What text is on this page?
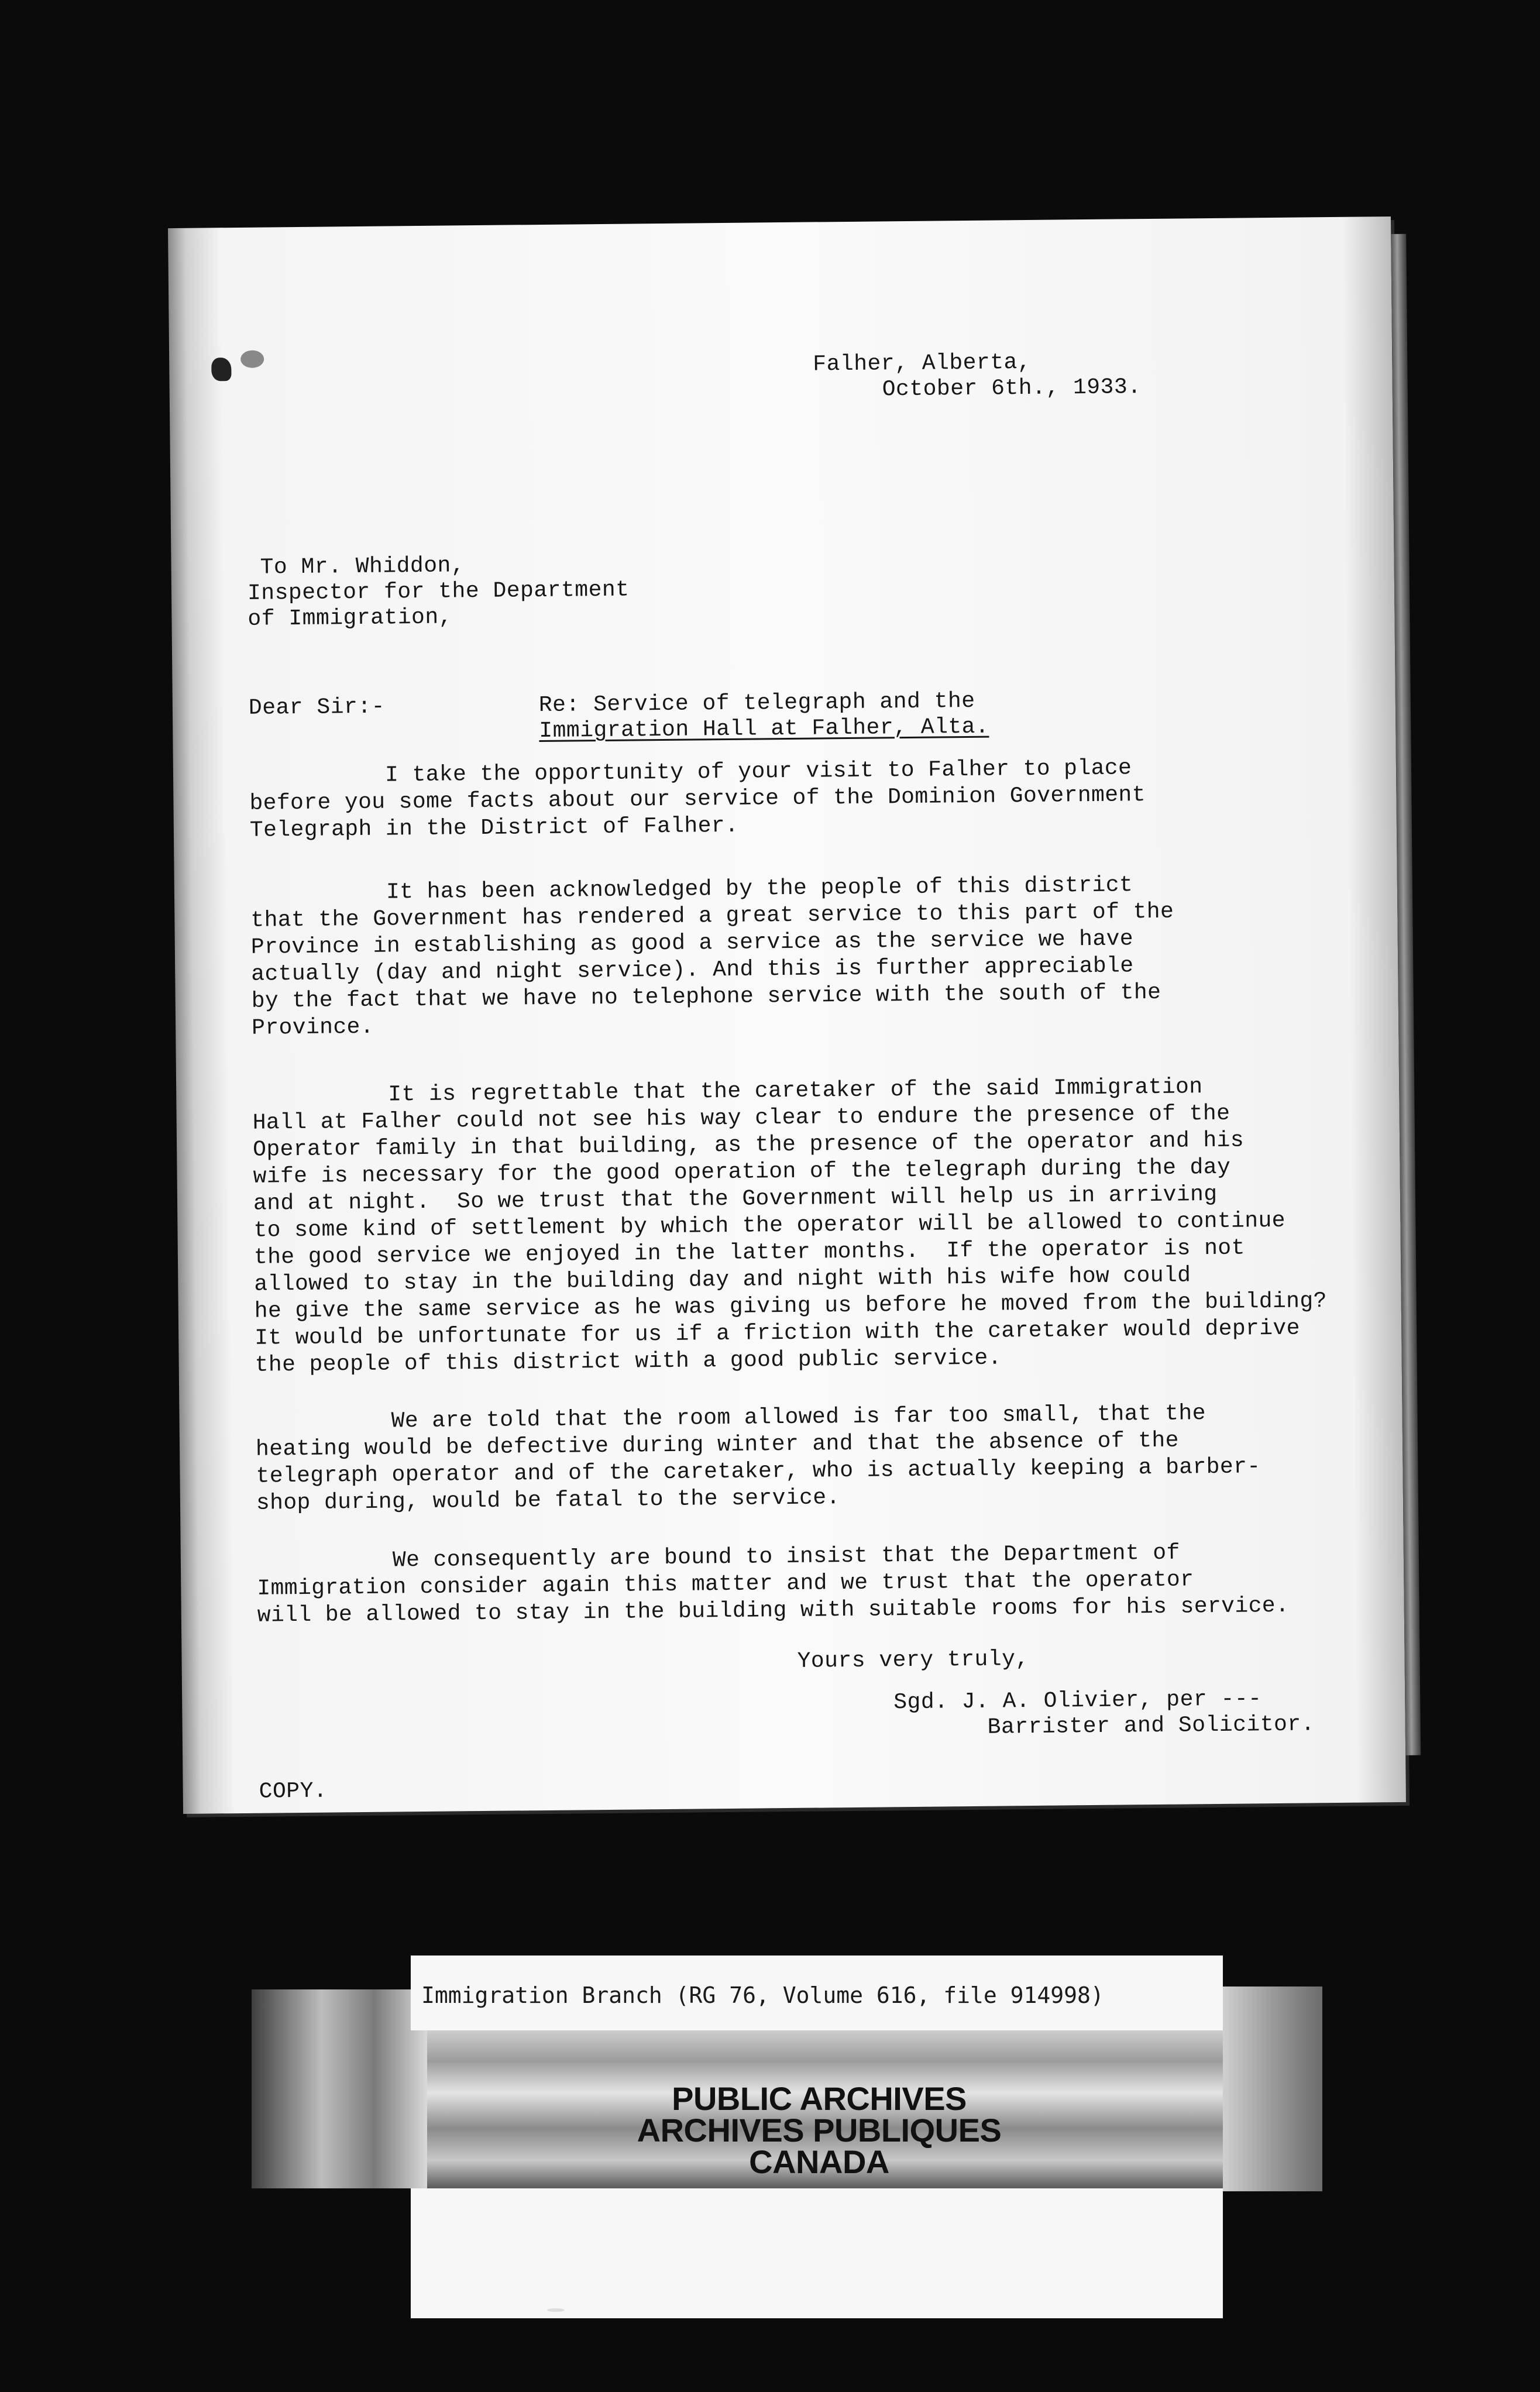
Falher, Alberta,
October 6th., 1933.
To Mr. Whiddon,
Inspector for the Department
of Immigration,
Dear Sir:-	Re: Service of telegraph and the
Immigration Hall at Falher, Alta.
I take the opportunity of your visit to Falher to place
before you some facts about our service of the Dominion Government
Telegraph in the District of Falher.
It has been acknowledged by the people of this district
that the Government has rendered a great service to this part of the
Province in establishing as good a service as the service we have
actually (day and night service). And this is further appreciable
by the fact that we have no telephone service with the south of the
Province.
It is regrettable that the caretaker of the said Immigration
Hall at Falher could not see his way clear to endure the presence of the
Operator family in that building, as the presence of the operator and his
wife is necessary for the good operation of the telegraph during the day
and at night.  So we trust that the Government will help us in arriving
to some kind of settlement by which the operator will be allowed to continue
the good service we enjoyed in the latter months.  If the operator is not
allowed to stay in the building day and night with his wife how could
he give the same service as he was giving us before he moved from the building?
It would be unfortunate for us if a friction with the caretaker would deprive
the people of this district with a good public service.
We are told that the room allowed is far too small, that the
heating would be defective during winter and that the absence of the
telegraph operator and of the caretaker, who is actually keeping a barber-
shop during, would be fatal to the service.
We consequently are bound to insist that the Department of
Immigration consider again this matter and we trust that the operator
will be allowed to stay in the building with suitable rooms for his service.
Yours very truly,
Sgd. J. A. Olivier, per ---
Barrister and Solicitor.
COPY.
Immigration Branch (RG 76, Volume 616, file 914998)
PUBLIC ARCHIVES
ARCHIVES PUBLIQUES
CANADA
